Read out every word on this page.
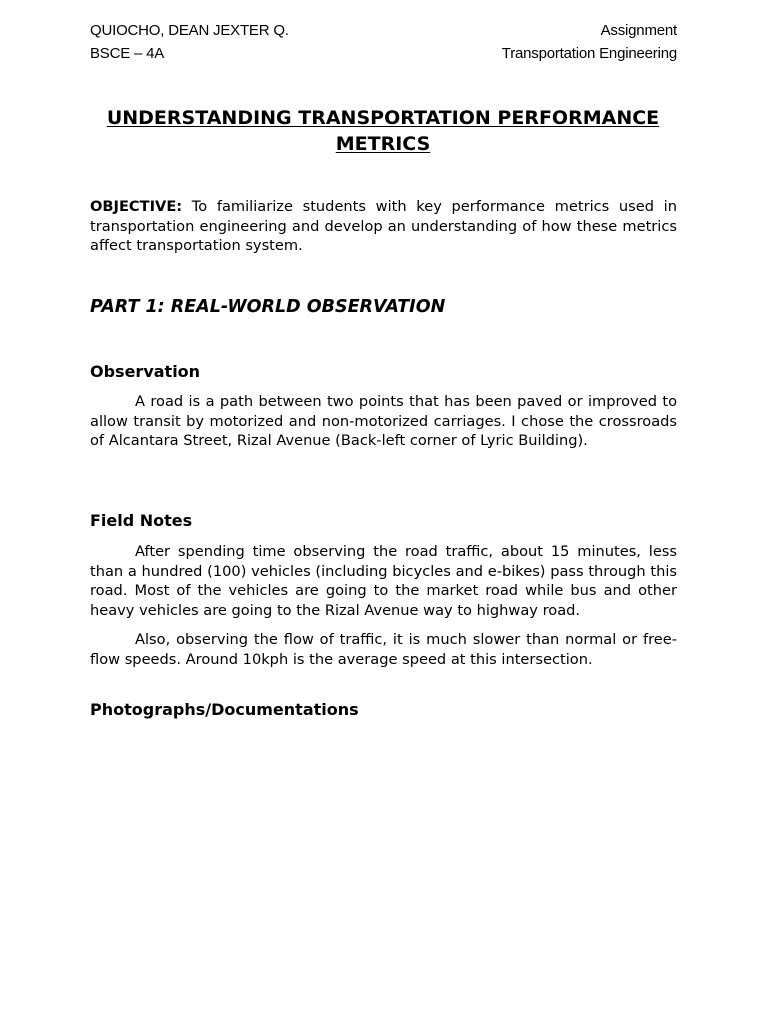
QUIOCHO, DEAN JEXTER Q.
BSCE – 4A
Assignment
Transportation Engineering
UNDERSTANDING TRANSPORTATION PERFORMANCE METRICS
OBJECTIVE: To familiarize students with key performance metrics used in transportation engineering and develop an understanding of how these metrics affect transportation system.
PART 1: REAL-WORLD OBSERVATION
Observation

A road is a path between two points that has been paved or improved to allow transit by motorized and non-motorized carriages. I chose the crossroads of Alcantara Street, Rizal Avenue (Back-left corner of Lyric Building).

Field Notes

After spending time observing the road traffic, about 15 minutes, less than a hundred (100) vehicles (including bicycles and e-bikes) pass through this road. Most of the vehicles are going to the market road while bus and other heavy vehicles are going to the Rizal Avenue way to highway road.

Also, observing the flow of traffic, it is much slower than normal or free-flow speeds. Around 10kph is the average speed at this intersection.

Photographs/Documentations
